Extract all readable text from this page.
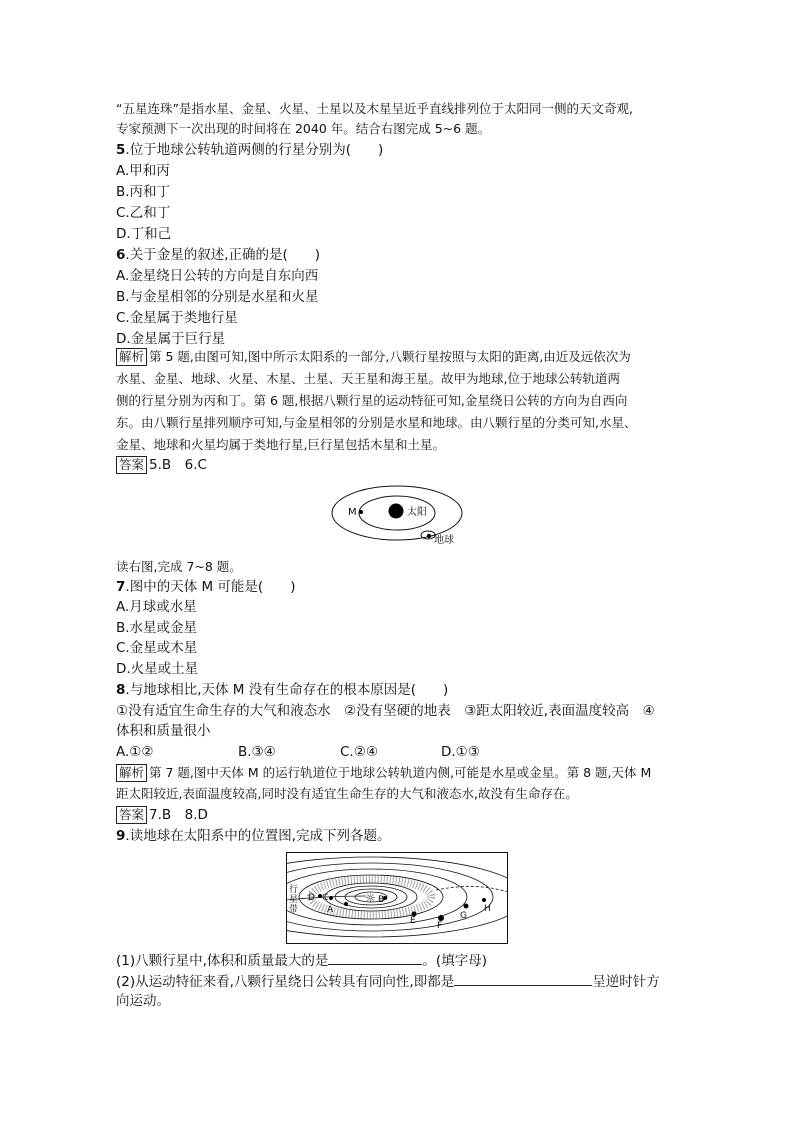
“五星连珠”是指水星、金星、火星、土星以及木星呈近乎直线排列位于太阳同一侧的天文奇观,
专家预测下一次出现的时间将在 2040 年。结合右图完成 5~6 题。
5.位于地球公转轨道两侧的行星分别为(　　)
A.甲和丙
B.丙和丁
C.乙和丁
D.丁和己
6.关于金星的叙述,正确的是(　　)
A.金星绕日公转的方向是自东向西
B.与金星相邻的分别是水星和火星
C.金星属于类地行星
D.金星属于巨行星
解析 第 5 题,由图可知,图中所示太阳系的一部分,八颗行星按照与太阳的距离,由近及远依次为
水星、金星、地球、火星、木星、土星、天王星和海王星。故甲为地球,位于地球公转轨道两
侧的行星分别为丙和丁。第 6 题,根据八颗行星的运动特征可知,金星绕日公转的方向为自西向
东。由八颗行星排列顺序可知,与金星相邻的分别是水星和地球。由八颗行星的分类可知,水星、
金星、地球和火星均属于类地行星,巨行星包括木星和土星。
答案 5.B　6.C
太阳
M
地球
读右图,完成 7~8 题。
7.图中的天体 M 可能是(　　)
A.月球或水星
B.水星或金星
C.金星或木星
D.火星或土星
8.与地球相比,天体 M 没有生命存在的根本原因是(　　)
①没有适宜生命生存的大气和液态水　②没有坚硬的地表　③距太阳较近,表面温度较高　④
体积和质量很小
A.①②	B.③④	C.②④	D.①③
解析 第 7 题,图中天体 M 的运行轨道位于地球公转轨道内侧,可能是水星或金星。第 8 题,天体 M
距太阳较近,表面温度较高,同时没有适宜生命生存的大气和液态水,故没有生命存在。
答案 7.B　8.D
9.读地球在太阳系中的位置图,完成下列各题。
☼
行
星
带
D C	B
A
E F
G
H
(1)八颗行星中,体积和质量最大的是	。(填字母)
(2)从运动特征来看,八颗行星绕日公转具有同向性,即都是	呈逆时针方
向运动。
